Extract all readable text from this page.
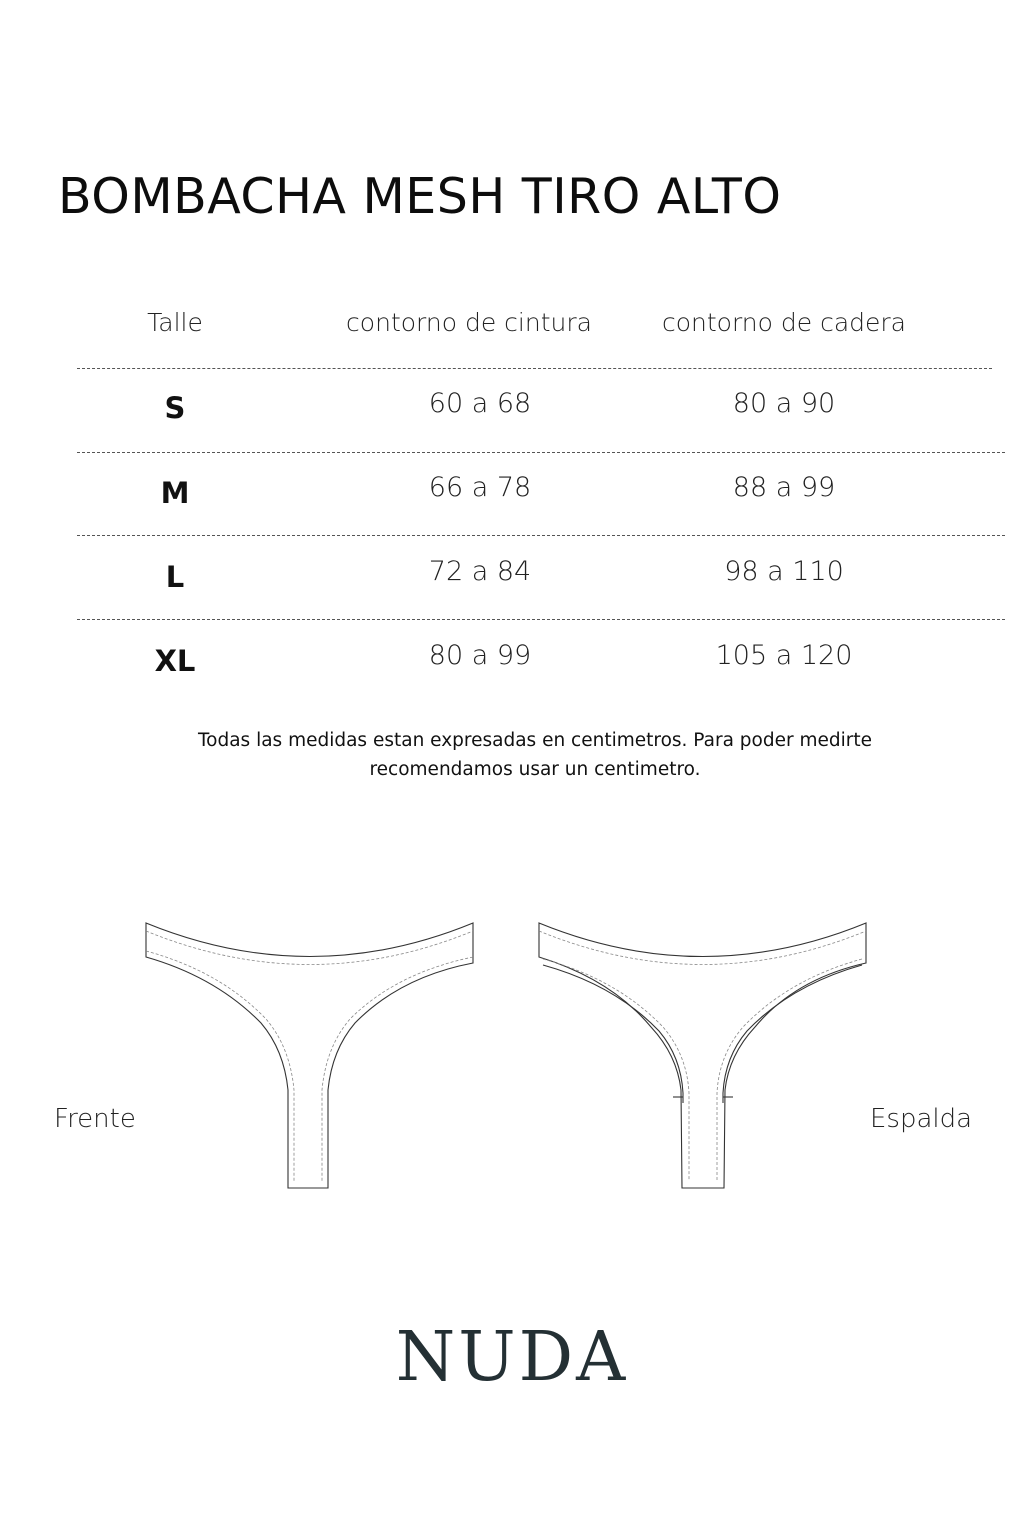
BOMBACHA MESH TIRO ALTO
Talle	contorno de cintura	contorno de cadera
S	60 a 68	80 a 90
M	66 a 78	88 a 99
L	72 a 84	98 a 110
XL	80 a 99	105 a 120
Todas las medidas estan expresadas en centimetros. Para poder medirte
recomendamos usar un centimetro.
Frente	Espalda
NUDA
